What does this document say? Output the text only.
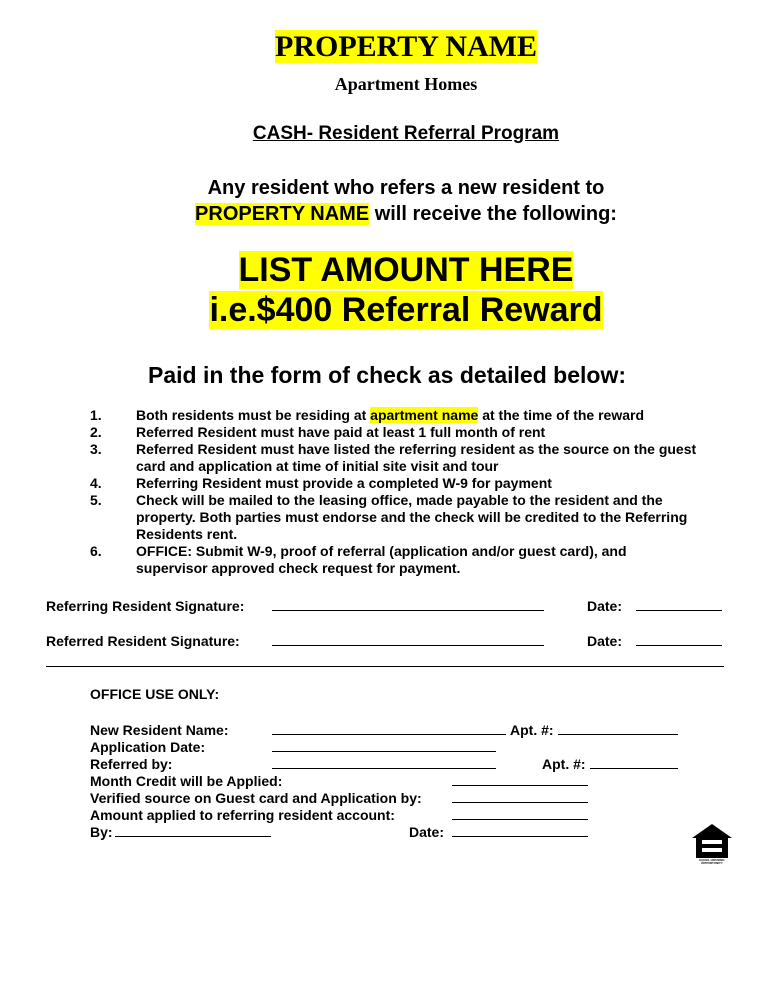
PROPERTY NAME
Apartment Homes
CASH- Resident Referral Program
Any resident who refers a new resident to
PROPERTY NAME will receive the following:
LIST AMOUNT HERE
i.e.$400 Referral Reward
Paid in the form of check as detailed below:
1. Both residents must be residing at apartment name at the time of the reward
2. Referred Resident must have paid at least 1 full month of rent
3. Referred Resident must have listed the referring resident as the source on the guest card and application at time of initial site visit and tour
4. Referring Resident must provide a completed W-9 for payment
5. Check will be mailed to the leasing office, made payable to the resident and the property. Both parties must endorse and the check will be credited to the Referring Residents rent.
6. OFFICE: Submit W-9, proof of referral (application and/or guest card), and supervisor approved check request for payment.
Referring Resident Signature:	Date:
Referred Resident Signature:	Date:
OFFICE USE ONLY:
New Resident Name:	Apt. #:
Application Date:
Referred by:	Apt. #:
Month Credit will be Applied:
Verified source on Guest card and Application by:
Amount applied to referring resident account:
By:	Date:
EQUAL HOUSING OPPORTUNITY
